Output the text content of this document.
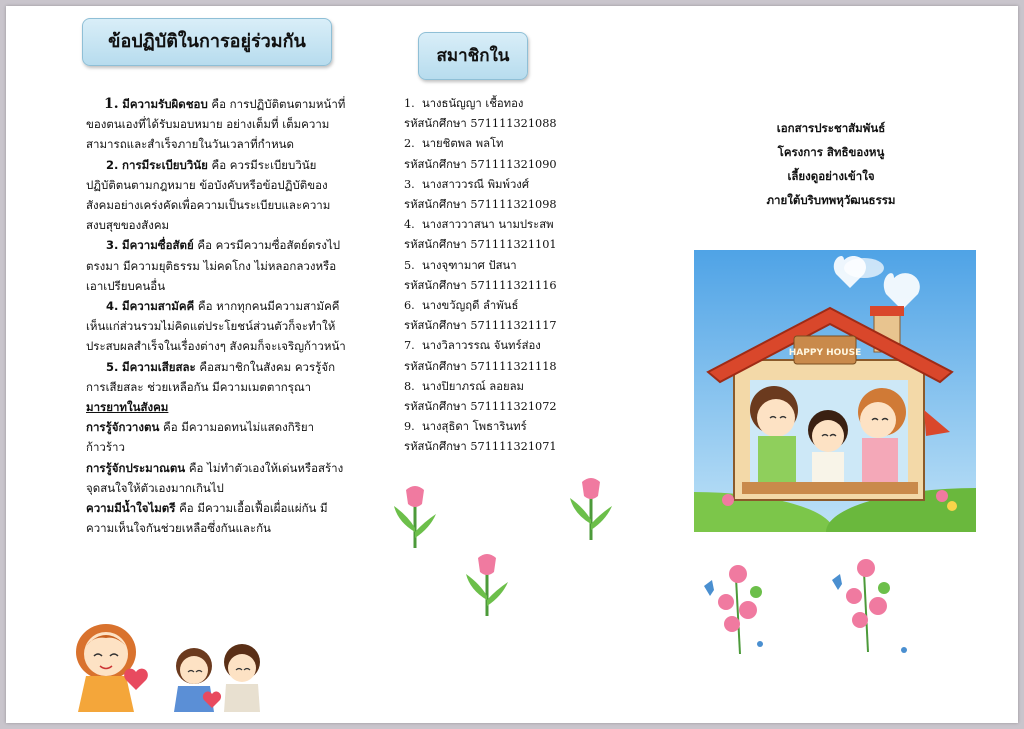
ข้อปฏิบัติในการอยู่ร่วมกัน

1. มีความรับผิดชอบ คือ การปฏิบัติตนตามหน้าที่ของตนเองที่ได้รับมอบหมาย อย่างเต็มที่ เต็มความสามารถและสำเร็จภายในวันเวลาที่กำหนด

2. การมีระเบียบวินัย คือ ควรมีระเบียบวินัย ปฏิบัติตนตามกฎหมาย ข้อบังคับหรือข้อปฏิบัติของสังคมอย่างเคร่งคัดเพื่อความเป็นระเบียบและความสงบสุขของสังคม

3. มีความซื่อสัตย์ คือ ควรมีความซื่อสัตย์ตรงไปตรงมา มีความยุติธรรม ไม่คดโกง ไม่หลอกลวงหรือเอาเปรียบคนอื่น

4. มีความสามัคคี คือ หากทุกคนมีความสามัคคี เห็นแก่ส่วนรวมไม่คิดแต่ประโยชน์ส่วนตัวก็จะทำให้ประสบผลสำเร็จในเรื่องต่างๆ สังคมก็จะเจริญก้าวหน้า

5. มีความเสียสละ คือสมาชิกในสังคม ควรรู้จักการเสียสละ ช่วยเหลือกัน มีความเมตตากรุณา

มารยาทในสังคม

การรู้จักวางตน คือ มีความอดทนไม่แสดงกิริยาก้าวร้าว

การรู้จักประมาณตน คือ ไม่ทำตัวเองให้เด่นหรือสร้างจุดสนใจให้ตัวเองมากเกินไป

ความมีน้ำใจไมตรี คือ มีความเอื้อเฟื้อเผื่อแผ่กัน มีความเห็นใจกันช่วยเหลือซึ่งกันและกัน

สมาชิกใน

1. นางธนัญญา เชื้อทอง

รหัสนักศึกษา 571111321088

2. นายชิตพล พลโท

รหัสนักศึกษา 571111321090

3. นางสาววรณี พิมพ์วงศ์

รหัสนักศึกษา 571111321098

4. นางสาววาสนา นามประสพ

รหัสนักศึกษา 571111321101

5. นางจุฑามาศ ปัสนา

รหัสนักศึกษา 571111321116

6. นางขวัญฤดี ลำพันธ์

รหัสนักศึกษา 571111321117

7. นางวิลาวรรณ จันทร์ส่อง

รหัสนักศึกษา 571111321118

8. นางปิยาภรณ์ ลอยลม

รหัสนักศึกษา 571111321072

9. นางสุธิดา โพธารินทร์

รหัสนักศึกษา 571111321071

เอกสารประชาสัมพันธ์
โครงการ สิทธิของหนู
เลี้ยงดูอย่างเข้าใจ
ภายใต้บริบทพหุวัฒนธรรม
HAPPY HOUSE
